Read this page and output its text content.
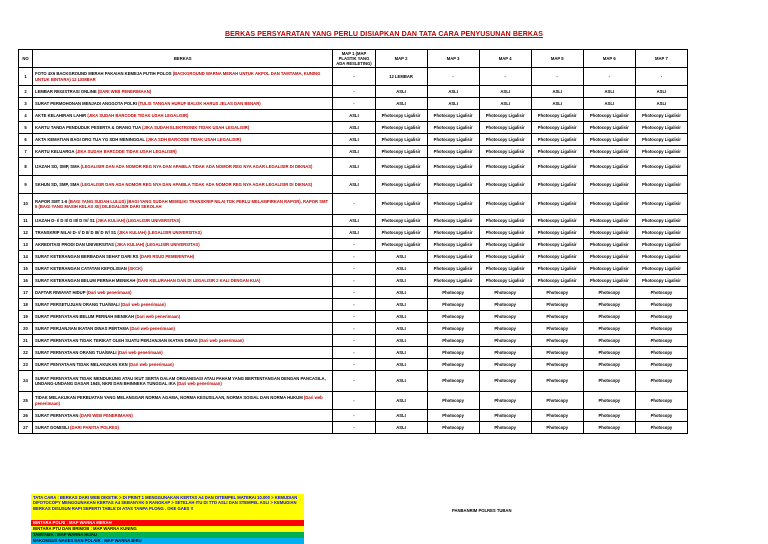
BERKAS PERSYARATAN YANG PERLU DISIAPKAN DAN TATA CARA PENYUSUNAN BERKAS
NO	BERKAS	MAP 1 (MAP PLASTIK YANG ADA RESLETING)	MAP 2	MAP 3	MAP 4	MAP 5	MAP 6	MAP 7
1	FOTO 4X6 BACKGROUND MERAH PAKAIAN KEMEJA PUTIH POLOS (BACKGROUND WARNA MERAH UNTUK AKPOL DAN TAMTAMA, KUNING UNTUK BINTARA) 12 LEMBAR	-	12 LEMBAR	-	-	-	-	-
2	LEMBAR REGISTRASI ONLINE (DARI WEB PENERIMAAN)	-	ASLI	ASLI	ASLI	ASLI	ASLI	ASLI
3	SURAT PERMOHONAN MENJADI ANGGOTA POLRI (TULIS TANGAN HURUF BALOK HARUS JELAS DAN BENAR)	-	ASLI	ASLI	ASLI	ASLI	ASLI	ASLI
4	AKTE KELAHIRAN LAHIR (JIKA SUDAH BARCODE TIDAK USAH LEGALISIR)	ASLI	Photocopy Ligalisir	Photocopy Ligalisir	Photocopy Ligalisir	Photocopy Ligalisir	Photocopy Ligalisir	Photocopy Ligalisir
5	KARTU TANDA PENDUDUK PESERTA & ORANG TUA (JIKA SUDAH ELEKTRONIK TIDAK USAH LEGALISIR)	ASLI	Photocopy Ligalisir	Photocopy Ligalisir	Photocopy Ligalisir	Photocopy Ligalisir	Photocopy Ligalisir	Photocopy Ligalisir
6	AKTA KEMATIAN BAGI ORG TUA YG SDH MENINGGAL (JIKA SDH BARCODE TIDAK USAH LEGALISIR)	ASLI	Photocopy Ligalisir	Photocopy Ligalisir	Photocopy Ligalisir	Photocopy Ligalisir	Photocopy Ligalisir	Photocopy Ligalisir
7	KARTU KELUARGA (JIKA SUDAH BARCODE TIDAK USAH LEGALISIR)	ASLI	Photocopy Ligalisir	Photocopy Ligalisir	Photocopy Ligalisir	Photocopy Ligalisir	Photocopy Ligalisir	Photocopy Ligalisir
8	IJAZAH SD, SMP, SMA (LEGALISIR DAN ADA NOMOR REG NYA DAN APABILA TIDAK ADA NOMOR REG NYA AGAR LEGALISIR DI DIKNAS)	ASLI	Photocopy Ligalisir	Photocopy Ligalisir	Photocopy Ligalisir	Photocopy Ligalisir	Photocopy Ligalisir	Photocopy Ligalisir
9	SKHUN SD, SMP, SMA (LEGALISIR DAN ADA NOMOR REG NYA DAN APABILA TIDAK ADA NOMOR REG NYA AGAR LEGALISIR DI DIKNAS)	ASLI	Photocopy Ligalisir	Photocopy Ligalisir	Photocopy Ligalisir	Photocopy Ligalisir	Photocopy Ligalisir	Photocopy Ligalisir
10	RAPOR SMT 1-6 (BAGI YANG SUDAH LULUS) (BAGI YANG SUDAH MEMILIKI TRANSKRIP NILAI TDK PERLU MELAMPIRKAN RAPOR), RAPOR SMT 5 (BAGI YANG MASIH KELAS XII) DILEGALISIR DARI SEKOLAH	-	Photocopy Ligalisir	Photocopy Ligalisir	Photocopy Ligalisir	Photocopy Ligalisir	Photocopy Ligalisir	Photocopy Ligalisir
11	IJAZAH D- I/ D II/ D III/ D IV/ S1 (JIKA KULIAH) (LEGALISIR UNIVERSITAS)	ASLI	Photocopy Ligalisir	Photocopy Ligalisir	Photocopy Ligalisir	Photocopy Ligalisir	Photocopy Ligalisir	Photocopy Ligalisir
12	TRANSKRIP NILAI D- I/ D II/ D III/ D IV/ S1 (JIKA KULIAH) (LEGALISIR UNIVERSITAS)	ASLI	Photocopy Ligalisir	Photocopy Ligalisir	Photocopy Ligalisir	Photocopy Ligalisir	Photocopy Ligalisir	Photocopy Ligalisir
13	AKREDITASI PRODI DAN UNIVERSITAS (JIKA KULIAH) (LEGALISIR UNIVERSITAS)	-	Photocopy Ligalisir	Photocopy Ligalisir	Photocopy Ligalisir	Photocopy Ligalisir	Photocopy Ligalisir	Photocopy Ligalisir
14	SURAT KETERANGAN BERBADAN SEHAT DARI RS (DARI RSUD PEMERINTAH)	-	ASLI	Photocopy Ligalisir	Photocopy Ligalisir	Photocopy Ligalisir	Photocopy Ligalisir	Photocopy Ligalisir
15	SURAT KETERANGAN CATATAN KEPOLISIAN (SKCK)	-	ASLI	Photocopy Ligalisir	Photocopy Ligalisir	Photocopy Ligalisir	Photocopy Ligalisir	Photocopy Ligalisir
16	SURAT KETERANGAN BELUM PERNAH MENIKAH (DARI KELURAHAN DAN DI LEGALISIR 2 KALI DENGAN KUA)	-	ASLI	Photocopy Ligalisir	Photocopy Ligalisir	Photocopy Ligalisir	Photocopy Ligalisir	Photocopy Ligalisir
17	DAFTAR RIWAYAT HIDUP (Dari web penerimaan)	-	ASLI	Photocopy	Photocopy	Photocopy	Photocopy	Photocopy
18	SURAT PERSETUJUAN ORANG TUA/WALI (Dari web penerimaan)	-	ASLI	Photocopy	Photocopy	Photocopy	Photocopy	Photocopy
19	SURAT PERNYATAAN BELUM PERNAH MENIKAH (Dari web penerimaan)	-	ASLI	Photocopy	Photocopy	Photocopy	Photocopy	Photocopy
20	SURAT PERJANJIAN IKATAN DINAS PERTAMA (Dari web penerimaan)	-	ASLI	Photocopy	Photocopy	Photocopy	Photocopy	Photocopy
21	SURAT PERNYATAAN TIDAK TERIKAT OLEH SUATU PERJANJIAN IKATAN DINAS (Dari web penerimaan)	-	ASLI	Photocopy	Photocopy	Photocopy	Photocopy	Photocopy
22	SURAT PERNYATAAN ORANG TUA/WALI (Dari web penerimaan)	-	ASLI	Photocopy	Photocopy	Photocopy	Photocopy	Photocopy
23	SURAT PENYATAAN TIDAK MELAKUKAN KKN (Dari web penerimaan)	-	ASLI	Photocopy	Photocopy	Photocopy	Photocopy	Photocopy
24	SURAT PERNYATAAN TIDAK MENDUKUNG ATAU IKUT SERTA DALAM ORGANISASI ATAU PAHAM YANG BERTENTANGAN DENGAN PANCASILA, UNDANG-UNDANG DASAR 1945, NKRI DAN BHINNEKA TUNGGAL IKA (Dari web penerimaan)	-	ASLI	Photocopy	Photocopy	Photocopy	Photocopy	Photocopy
25	TIDAK MELAKUKAN PERBUATAN YANG MELANGGAR NORMA AGAMA, NORMA KESUSILAAN, NORMA SOSIAL DAN NORMA HUKUM (Dari web penerimaan)	-	ASLI	Photocopy	Photocopy	Photocopy	Photocopy	Photocopy
26	SURAT PERNYATAAN (DARI WEB PENERIMAAN)	-	ASLI	Photocopy	Photocopy	Photocopy	Photocopy	Photocopy
27	SURAT DOMISILI (DARI PANITIA POLRES)	-	ASLI	Photocopy	Photocopy	Photocopy	Photocopy	Photocopy
TATA CARA : BERKAS DARI WEB DIKETIK > DI PRINT 1 MENGGUNAKAN KERTAS A4 DAN DITEMPEL MATERAI 10.000 > KEMUDIAN DIFOTOCOPY MENGGUNAKAN KERTAS A4 SEBANYAK 5 RANGKAP > SETELAH ITU DI TTD ASLI DAN STEMPEL ASLI > KEMUDIAN BERKAS DISUSUN RAPI SEPERTI TABLE DI ATAS TANPA PLONG . OKE GAES !!
BINTARA POLRI : MAP WARNA MERAH
BINTARA PTU DAN BRIMOB : MAP WARNA KUNING
TAMTAMA : MAP WARNA HIJAU
BAKOMSUS NAKES DAN POLAIR : MAP WARNA BIRU
PANBANRIM POLRES TUBAN
